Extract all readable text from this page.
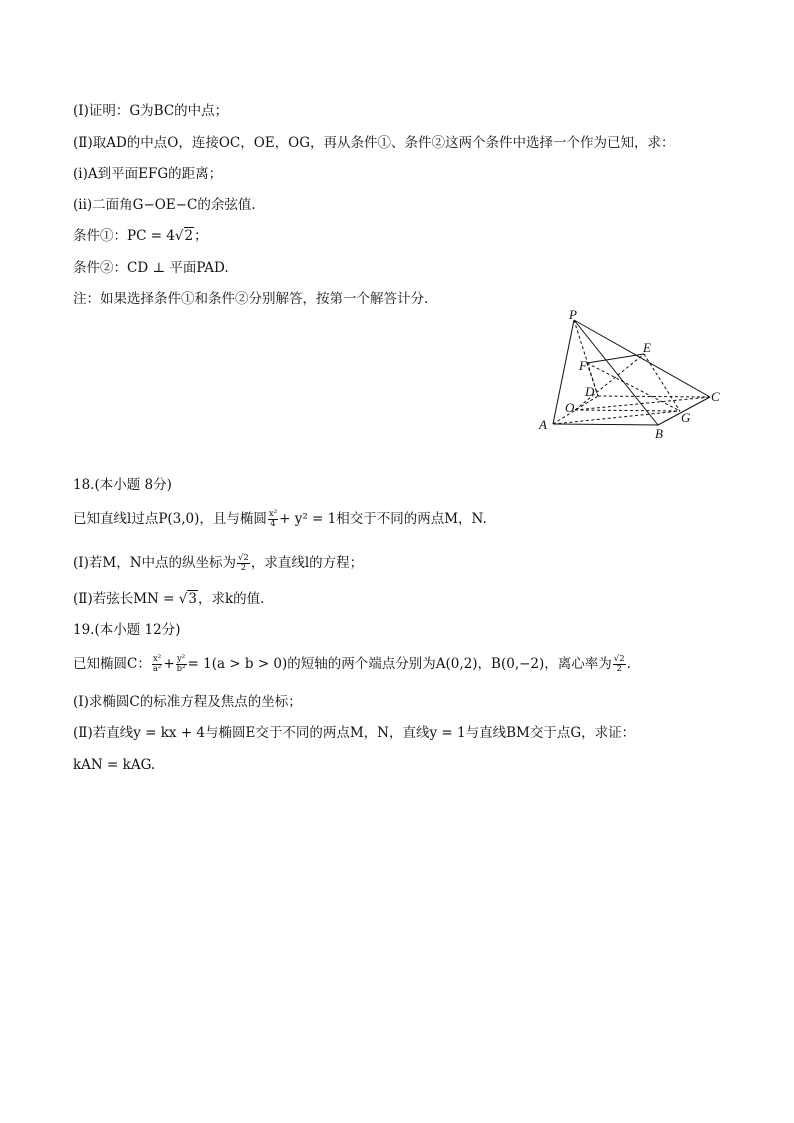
(Ⅰ)证明：G为BC的中点；
(Ⅱ)取AD的中点O，连接OC，OE，OG，再从条件①、条件②这两个条件中选择一个作为已知，求：
(i)A到平面EFG的距离；
(ii)二面角G−OE−C的余弦值.
条件①：PC = 4√2；
条件②：CD ⊥ 平面PAD.
注：如果选择条件①和条件②分别解答，按第一个解答计分.
P
E
F
D
O
A
B
C
G
18.(本小题 8分)
已知直线l过点P(3,0)，且与椭圆 $\frac{\text{x²}}{4} + y^2 = 1$相交于不同的两点M，N.
(Ⅰ)若M，N中点的纵坐标为 $\frac{√2}{2}$ ，求直线l的方程；
(Ⅱ)若弦长MN = √3，求k的值.
19.(本小题 12分)
已知椭圆C： $\frac{\text{x²}}{\text{a²}} + \frac{\text{y²}}{\text{b²}} = 1(a > b > 0)$的短轴的两个端点分别为A(0,2)，B(0,−2)，离心率为 $\frac{√2}{2}$ .
(Ⅰ)求椭圆C的标准方程及焦点的坐标；
(Ⅱ)若直线y = kx + 4与椭圆E交于不同的两点M，N，直线y = 1与直线BM交于点G，求证：
kAN = kAG.
